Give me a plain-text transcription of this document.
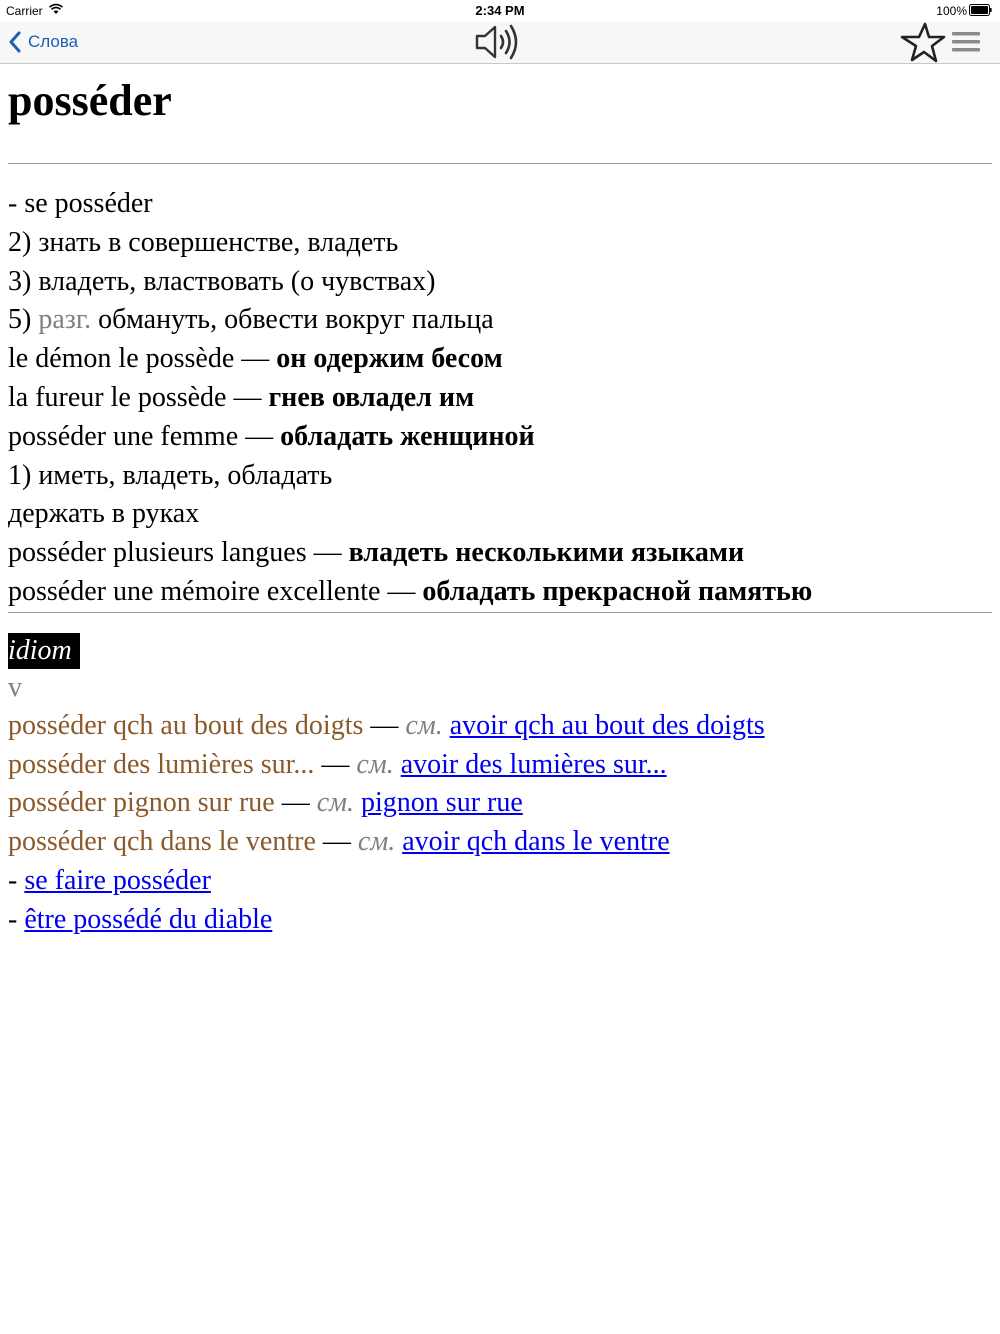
Carrier	2:34 PM	100%
Слова
posséder
- se posséder
2) знать в совершенстве, владеть
3) владеть, властвовать (о чувствах)
5) разг. обмануть, обвести вокруг пальца
le démon le possède — он одержим бесом
la fureur le possède — гнев овладел им
posséder une femme — обладать женщиной
1) иметь, владеть, обладать
держать в руках
posséder plusieurs langues — владеть несколькими языками
posséder une mémoire excellente — обладать прекрасной памятью
idiom
v
posséder qch au bout des doigts — см. avoir qch au bout des doigts
posséder des lumières sur... — см. avoir des lumières sur...
posséder pignon sur rue — см. pignon sur rue
posséder qch dans le ventre — см. avoir qch dans le ventre
- se faire posséder
- être possédé du diable
